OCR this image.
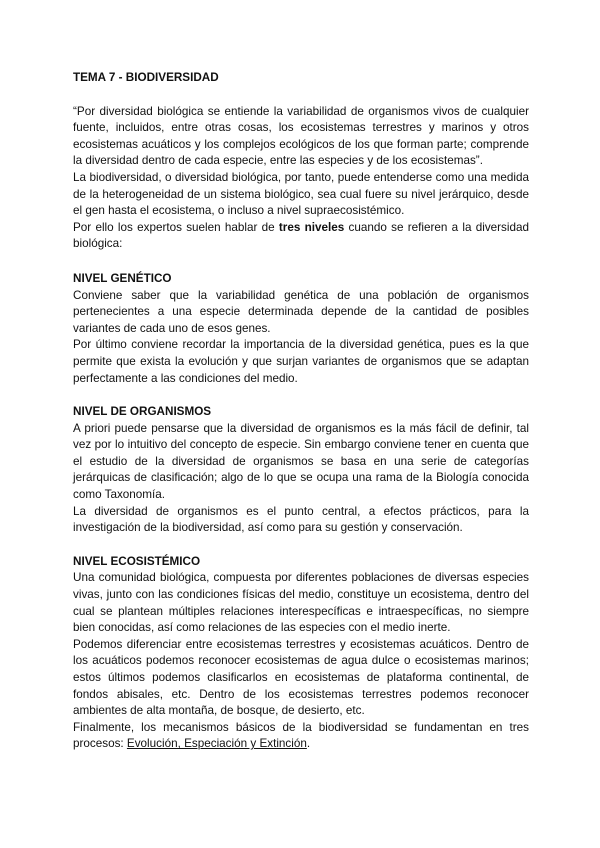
TEMA 7 - BIODIVERSIDAD

“Por diversidad biológica se entiende la variabilidad de organismos vivos de cualquier fuente, incluidos, entre otras cosas, los ecosistemas terrestres y marinos y otros ecosistemas acuáticos y los complejos ecológicos de los que forman parte; comprende la diversidad dentro de cada especie, entre las especies y de los ecosistemas”.

La biodiversidad, o diversidad biológica, por tanto, puede entenderse como una medida de la heterogeneidad de un sistema biológico, sea cual fuere su nivel jerárquico, desde el gen hasta el ecosistema, o incluso a nivel supraecosistémico.

Por ello los expertos suelen hablar de tres niveles cuando se refieren a la diversidad biológica:

NIVEL GENÉTICO

Conviene saber que la variabilidad genética de una población de organismos pertenecientes a una especie determinada depende de la cantidad de posibles variantes de cada uno de esos genes.

Por último conviene recordar la importancia de la diversidad genética, pues es la que permite que exista la evolución y que surjan variantes de organismos que se adaptan perfectamente a las condiciones del medio.

NIVEL DE ORGANISMOS

A priori puede pensarse que la diversidad de organismos es la más fácil de definir, tal vez por lo intuitivo del concepto de especie. Sin embargo conviene tener en cuenta que el estudio de la diversidad de organismos se basa en una serie de categorías jerárquicas de clasificación; algo de lo que se ocupa una rama de la Biología conocida como Taxonomía.

La diversidad de organismos es el punto central, a efectos prácticos, para la investigación de la biodiversidad, así como para su gestión y conservación.

NIVEL ECOSISTÉMICO

Una comunidad biológica, compuesta por diferentes poblaciones de diversas especies vivas, junto con las condiciones físicas del medio, constituye un ecosistema, dentro del cual se plantean múltiples relaciones interespecíficas e intraespecíficas, no siempre bien conocidas, así como relaciones de las especies con el medio inerte.

Podemos diferenciar entre ecosistemas terrestres y ecosistemas acuáticos. Dentro de los acuáticos podemos reconocer ecosistemas de agua dulce o ecosistemas marinos; estos últimos podemos clasificarlos en ecosistemas de plataforma continental, de fondos abisales, etc. Dentro de los ecosistemas terrestres podemos reconocer ambientes de alta montaña, de bosque, de desierto, etc.

Finalmente, los mecanismos básicos de la biodiversidad se fundamentan en tres procesos: Evolución, Especiación y Extinción.
